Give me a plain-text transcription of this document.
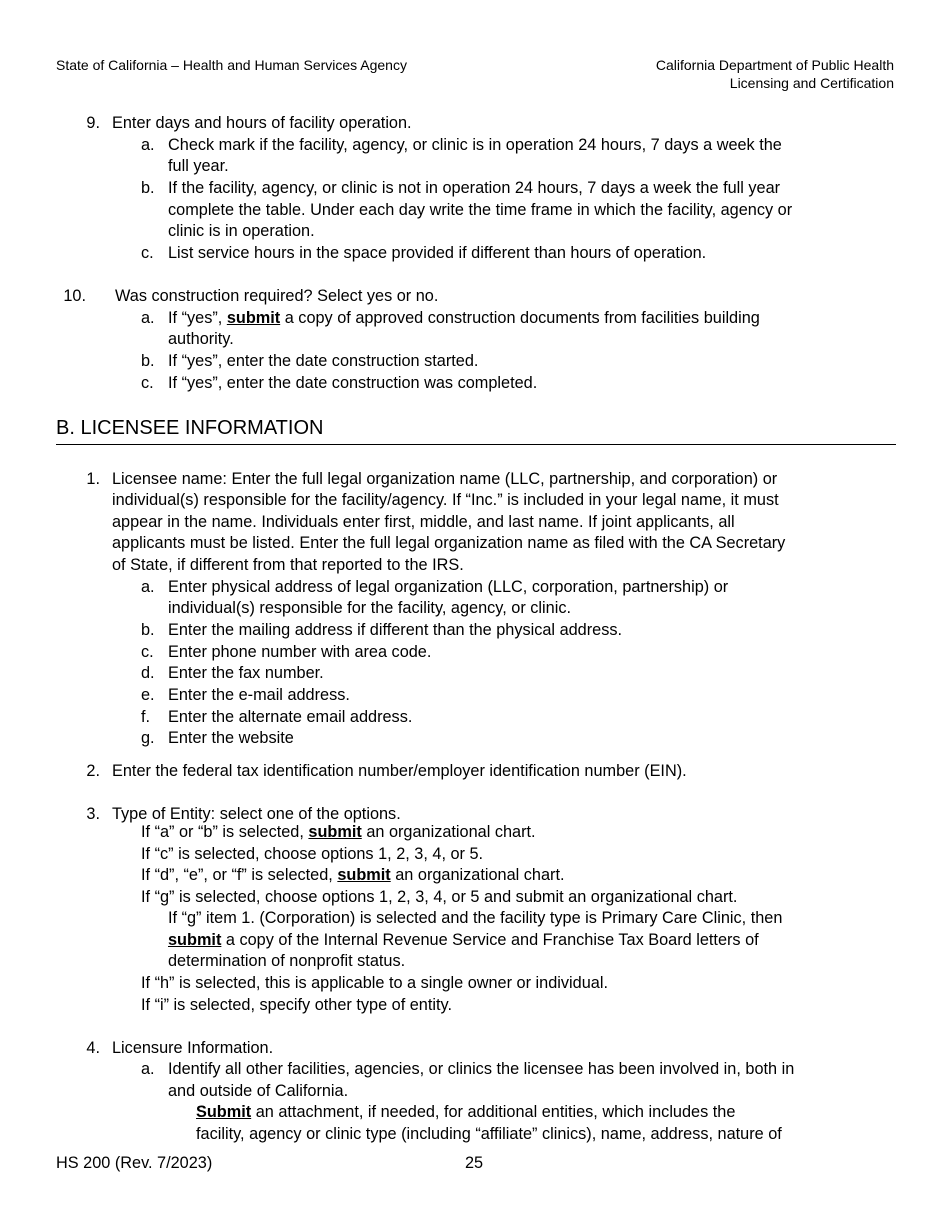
State of California – Health and Human Services Agency	California Department of Public Health
Licensing and Certification
9. Enter days and hours of facility operation.
a. Check mark if the facility, agency, or clinic is in operation 24 hours, 7 days a week the
full year.
b. If the facility, agency, or clinic is not in operation 24 hours, 7 days a week the full year
complete the table. Under each day write the time frame in which the facility, agency or
clinic is in operation.
c. List service hours in the space provided if different than hours of operation.
10. Was construction required? Select yes or no.
a. If “yes”, submit a copy of approved construction documents from facilities building
authority.
b. If “yes”, enter the date construction started.
c. If “yes”, enter the date construction was completed.
B. LICENSEE INFORMATION
1. Licensee name: Enter the full legal organization name (LLC, partnership, and corporation) or
individual(s) responsible for the facility/agency. If “Inc.” is included in your legal name, it must
appear in the name. Individuals enter first, middle, and last name. If joint applicants, all
applicants must be listed. Enter the full legal organization name as filed with the CA Secretary
of State, if different from that reported to the IRS.
a. Enter physical address of legal organization (LLC, corporation, partnership) or
individual(s) responsible for the facility, agency, or clinic.
b. Enter the mailing address if different than the physical address.
c. Enter phone number with area code.
d. Enter the fax number.
e. Enter the e-mail address.
f. Enter the alternate email address.
g. Enter the website
2. Enter the federal tax identification number/employer identification number (EIN).
3. Type of Entity: select one of the options.
If “a” or “b” is selected, submit an organizational chart.
If “c” is selected, choose options 1, 2, 3, 4, or 5.
If “d”, “e”, or “f” is selected, submit an organizational chart.
If “g” is selected, choose options 1, 2, 3, 4, or 5 and submit an organizational chart.
If “g” item 1. (Corporation) is selected and the facility type is Primary Care Clinic, then
submit a copy of the Internal Revenue Service and Franchise Tax Board letters of
determination of nonprofit status.
If “h” is selected, this is applicable to a single owner or individual.
If “i” is selected, specify other type of entity.
4. Licensure Information.
a. Identify all other facilities, agencies, or clinics the licensee has been involved in, both in
and outside of California.
Submit an attachment, if needed, for additional entities, which includes the
facility, agency or clinic type (including “affiliate” clinics), name, address, nature of
HS 200 (Rev. 7/2023)	25
